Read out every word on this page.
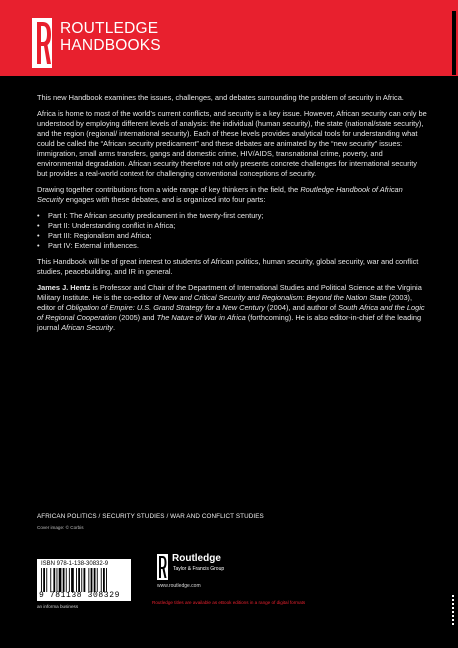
ROUTLEDGE
HANDBOOKS

This new Handbook examines the issues, challenges, and debates surrounding the problem of security in Africa.

Africa is home to most of the world’s current conflicts, and security is a key issue. However, African security can only be understood by employing different levels of analysis: the individual (human security), the state (national/state security), and the region (regional/ international security). Each of these levels provides analytical tools for understanding what could be called the “African security predicament” and these debates are animated by the “new security” issues: immigration, small arms transfers, gangs and domestic crime, HIV/AIDS, transnational crime, poverty, and environmental degradation. African security therefore not only presents concrete challenges for international security but provides a real-world context for challenging conventional conceptions of security.

Drawing together contributions from a wide range of key thinkers in the field, the Routledge Handbook of African Security engages with these debates, and is organized into four parts:

• Part I: The African security predicament in the twenty-first century;
• Part II: Understanding conflict in Africa;
• Part III: Regionalism and Africa;
• Part IV: External influences.

This Handbook will be of great interest to students of African politics, human security, global security, war and conflict studies, peacebuilding, and IR in general.

James J. Hentz is Professor and Chair of the Department of International Studies and Political Science at the Virginia Military Institute. He is the co-editor of New and Critical Security and Regionalism: Beyond the Nation State (2003), editor of Obligation of Empire: U.S. Grand Strategy for a New Century (2004), and author of South Africa and the Logic of Regional Cooperation (2005) and The Nature of War in Africa (forthcoming). He is also editor-in-chief of the leading journal African Security.

AFRICAN POLITICS / SECURITY STUDIES / WAR AND CONFLICT STUDIES
Cover image: © Corbis
ISBN 978-1-138-30832-9
9 781138 308329
an informa business
Routledge
Taylor & Francis Group
www.routledge.com
Routledge titles are available as eBook editions in a range of digital formats
